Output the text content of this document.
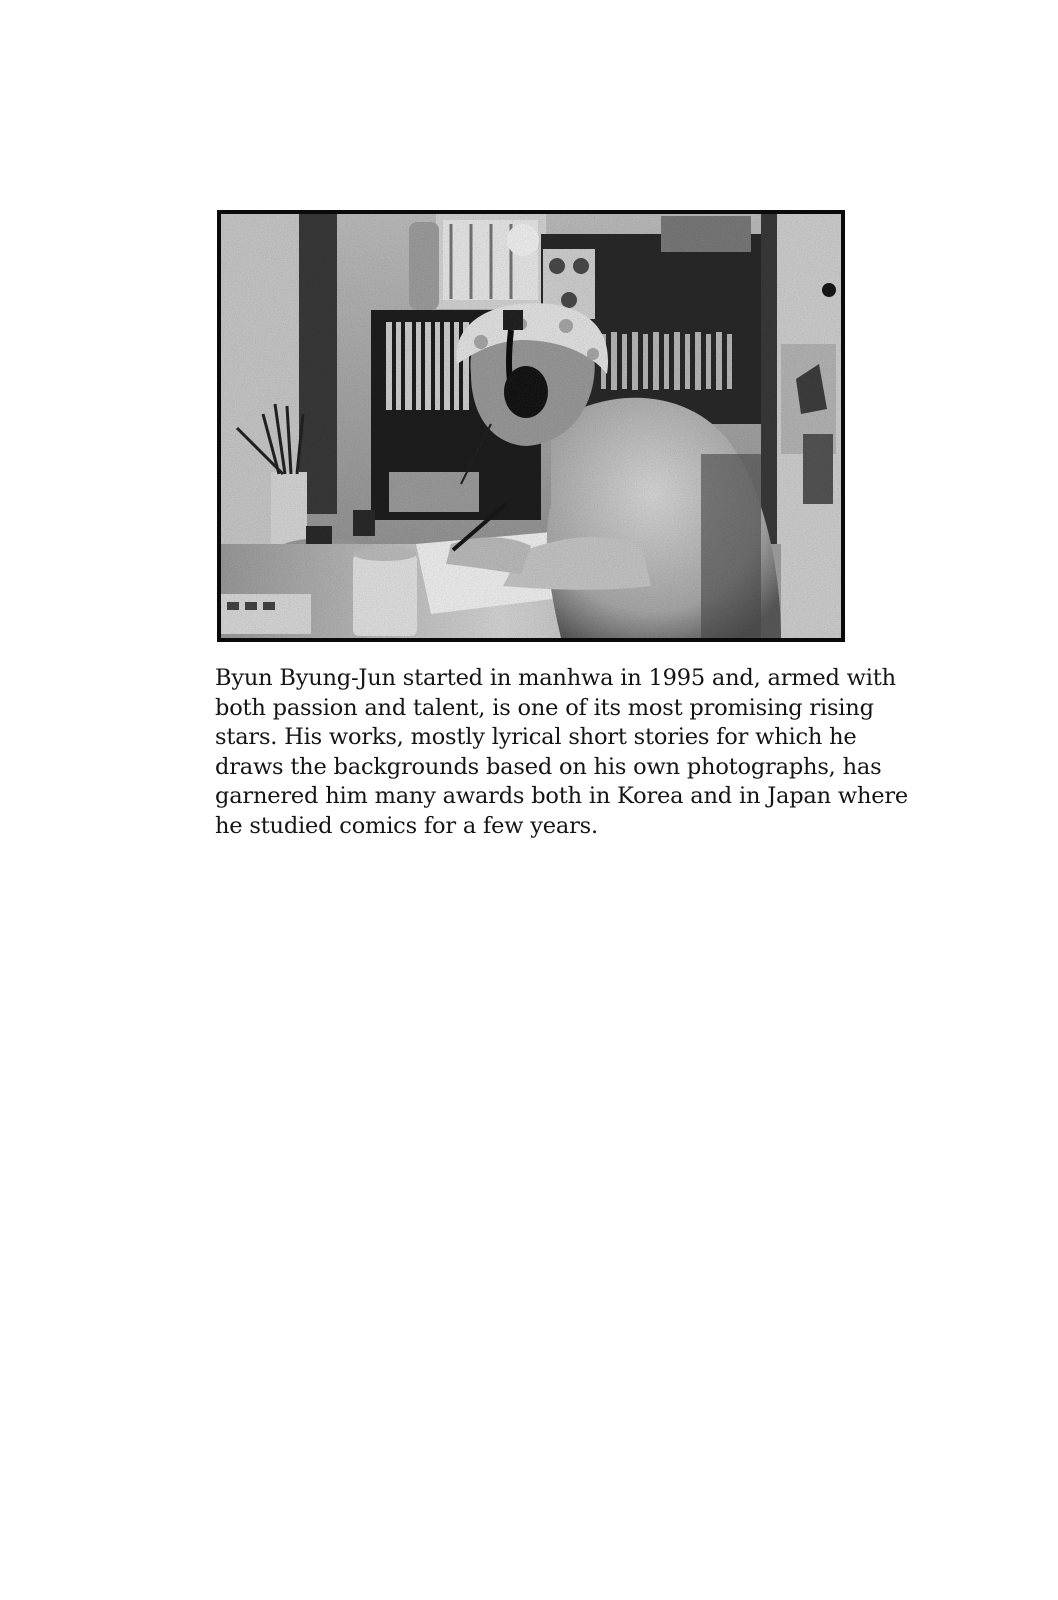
Byun Byung-Jun started in manhwa in 1995 and, armed with
both passion and talent, is one of its most promising rising
stars. His works, mostly lyrical short stories for which he
draws the backgrounds based on his own photographs, has
garnered him many awards both in Korea and in Japan where
he studied comics for a few years.
